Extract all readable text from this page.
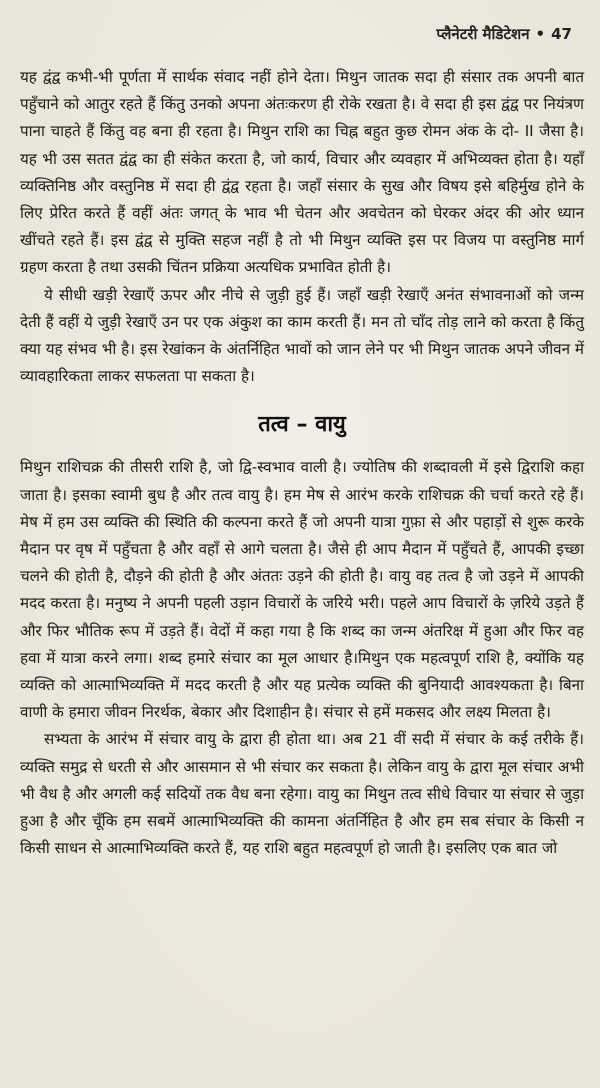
प्लैनेटरी मैडिटेशन • 47

यह द्वंद्व कभी-भी पूर्णता में सार्थक संवाद नहीं होने देता। मिथुन जातक सदा ही संसार तक अपनी बात पहुँचाने को आतुर रहते हैं किंतु उनको अपना अंतःकरण ही रोके रखता है। वे सदा ही इस द्वंद्व पर नियंत्रण पाना चाहते हैं किंतु वह बना ही रहता है। मिथुन राशि का चिह्न बहुत कुछ रोमन अंक के दो- II जैसा है। यह भी उस सतत द्वंद्व का ही संकेत करता है, जो कार्य, विचार और व्यवहार में अभिव्यक्त होता है। यहाँ व्यक्तिनिष्ठ और वस्तुनिष्ठ में सदा ही द्वंद्व रहता है। जहाँ संसार के सुख और विषय इसे बहिर्मुख होने के लिए प्रेरित करते हैं वहीं अंतः जगत् के भाव भी चेतन और अवचेतन को घेरकर अंदर की ओर ध्यान खींचते रहते हैं। इस द्वंद्व से मुक्ति सहज नहीं है तो भी मिथुन व्यक्ति इस पर विजय पा वस्तुनिष्ठ मार्ग ग्रहण करता है तथा उसकी चिंतन प्रक्रिया अत्यधिक प्रभावित होती है।

ये सीधी खड़ी रेखाएँ ऊपर और नीचे से जुड़ी हुई हैं। जहाँ खड़ी रेखाएँ अनंत संभावनाओं को जन्म देती हैं वहीं ये जुड़ी रेखाएँ उन पर एक अंकुश का काम करती हैं। मन तो चाँद तोड़ लाने को करता है किंतु क्या यह संभव भी है। इस रेखांकन के अंतर्निहित भावों को जान लेने पर भी मिथुन जातक अपने जीवन में व्यावहारिकता लाकर सफलता पा सकता है।

तत्व – वायु

मिथुन राशिचक्र की तीसरी राशि है, जो द्वि-स्वभाव वाली है। ज्योतिष की शब्दावली में इसे द्विराशि कहा जाता है। इसका स्वामी बुध है और तत्व वायु है। हम मेष से आरंभ करके राशिचक्र की चर्चा करते रहे हैं। मेष में हम उस व्यक्ति की स्थिति की कल्पना करते हैं जो अपनी यात्रा गुफ़ा से और पहाड़ों से शुरू करके मैदान पर वृष में पहुँचता है और वहाँ से आगे चलता है। जैसे ही आप मैदान में पहुँचते हैं, आपकी इच्छा चलने की होती है, दौड़ने की होती है और अंततः उड़ने की होती है। वायु वह तत्व है जो उड़ने में आपकी मदद करता है। मनुष्य ने अपनी पहली उड़ान विचारों के जरिये भरी। पहले आप विचारों के ज़रिये उड़ते हैं और फिर भौतिक रूप में उड़ते हैं। वेदों में कहा गया है कि शब्द का जन्म अंतरिक्ष में हुआ और फिर वह हवा में यात्रा करने लगा। शब्द हमारे संचार का मूल आधार है।मिथुन एक महत्वपूर्ण राशि है, क्योंकि यह व्यक्ति को आत्माभिव्यक्ति में मदद करती है और यह प्रत्येक व्यक्ति की बुनियादी आवश्यकता है। बिना वाणी के हमारा जीवन निरर्थक, बेकार और दिशाहीन है। संचार से हमें मकसद और लक्ष्य मिलता है।

सभ्यता के आरंभ में संचार वायु के द्वारा ही होता था। अब 21 वीं सदी में संचार के कई तरीके हैं। व्यक्ति समुद्र से धरती से और आसमान से भी संचार कर सकता है। लेकिन वायु के द्वारा मूल संचार अभी भी वैध है और अगली कई सदियों तक वैध बना रहेगा। वायु का मिथुन तत्व सीधे विचार या संचार से जुड़ा हुआ है और चूँकि हम सबमें आत्माभिव्यक्ति की कामना अंतर्निहित है और हम सब संचार के किसी न किसी साधन से आत्माभिव्यक्ति करते हैं, यह राशि बहुत महत्वपूर्ण हो जाती है। इसलिए एक बात जो
